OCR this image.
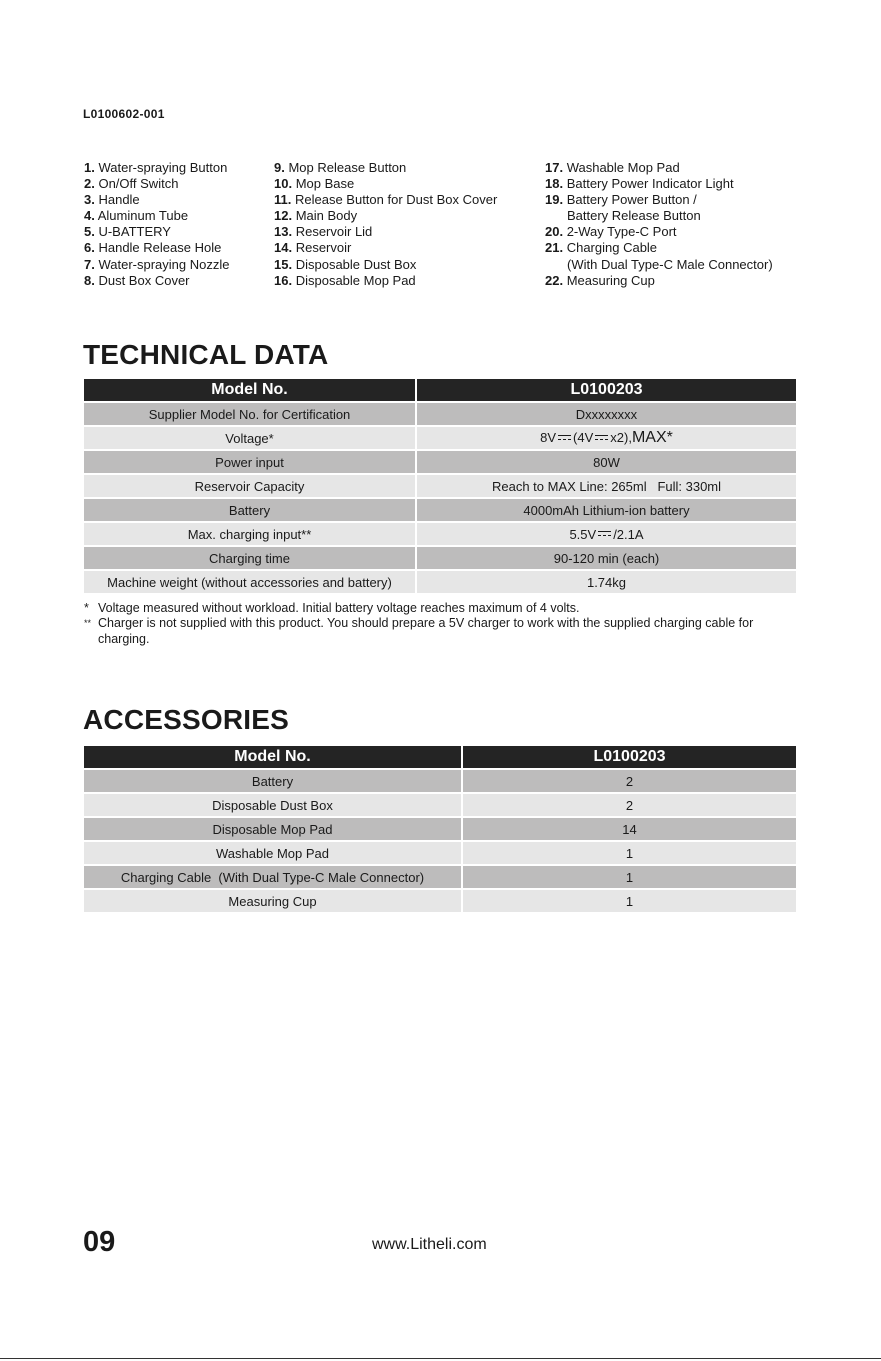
L0100602-001
1. Water-spraying Button
2. On/Off Switch
3. Handle
4. Aluminum Tube
5. U-BATTERY
6. Handle Release Hole
7. Water-spraying Nozzle
8. Dust Box Cover
9. Mop Release Button
10. Mop Base
11. Release Button for Dust Box Cover
12. Main Body
13. Reservoir Lid
14. Reservoir
15. Disposable Dust Box
16. Disposable Mop Pad
17. Washable Mop Pad
18. Battery Power Indicator Light
19. Battery Power Button /
Battery Release Button
20. 2-Way Type-C Port
21. Charging Cable
(With Dual Type-C Male Connector)
22. Measuring Cup
TECHNICAL DATA
Model No.	L0100203
Supplier Model No. for Certification	Dxxxxxxxx
Voltage*	8V (4V x2),MAX*
Power input	80W
Reservoir Capacity	Reach to MAX Line: 265ml   Full: 330ml
Battery	4000mAh Lithium-ion battery
Max. charging input**	5.5V /2.1A
Charging time	90-120 min (each)
Machine weight (without accessories and battery)	1.74kg
* Voltage measured without workload. Initial battery voltage reaches maximum of 4 volts.
** Charger is not supplied with this product. You should prepare a 5V charger to work with the supplied charging cable for charging.
ACCESSORIES
Model No.	L0100203
Battery	2
Disposable Dust Box	2
Disposable Mop Pad	14
Washable Mop Pad	1
Charging Cable  (With Dual Type-C Male Connector)	1
Measuring Cup	1
09	www.Litheli.com
